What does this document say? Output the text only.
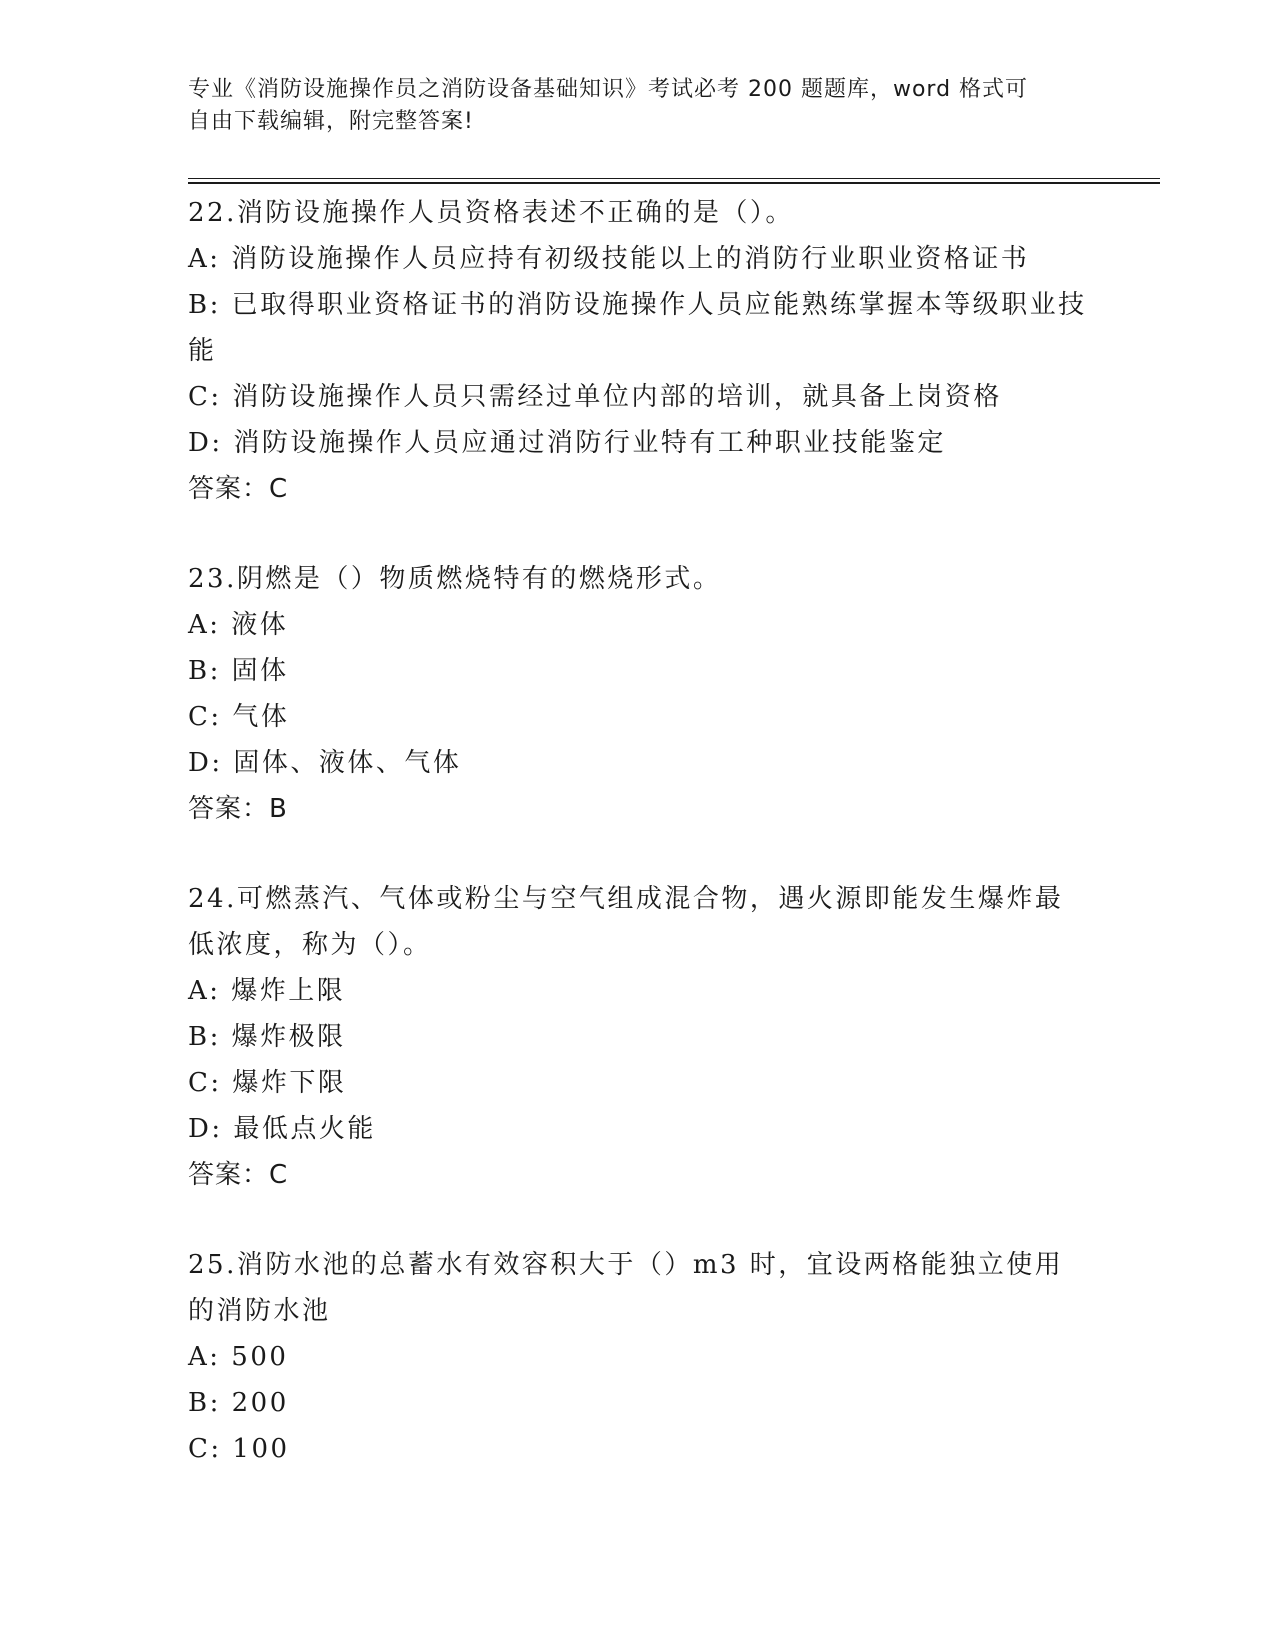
专业《消防设施操作员之消防设备基础知识》考试必考 200 题题库，word 格式可
自由下载编辑，附完整答案!
22.消防设施操作人员资格表述不正确的是（）。
A: 消防设施操作人员应持有初级技能以上的消防行业职业资格证书
B: 已取得职业资格证书的消防设施操作人员应能熟练掌握本等级职业技能
C: 消防设施操作人员只需经过单位内部的培训，就具备上岗资格
D: 消防设施操作人员应通过消防行业特有工种职业技能鉴定
答案：C
23.阴燃是（）物质燃烧特有的燃烧形式。
A: 液体
B: 固体
C: 气体
D: 固体、液体、气体
答案：B
24.可燃蒸汽、气体或粉尘与空气组成混合物，遇火源即能发生爆炸最低浓度，称为（）。
A: 爆炸上限
B: 爆炸极限
C: 爆炸下限
D: 最低点火能
答案：C
25.消防水池的总蓄水有效容积大于（）m3 时，宜设两格能独立使用的消防水池
A: 500
B: 200
C: 100
